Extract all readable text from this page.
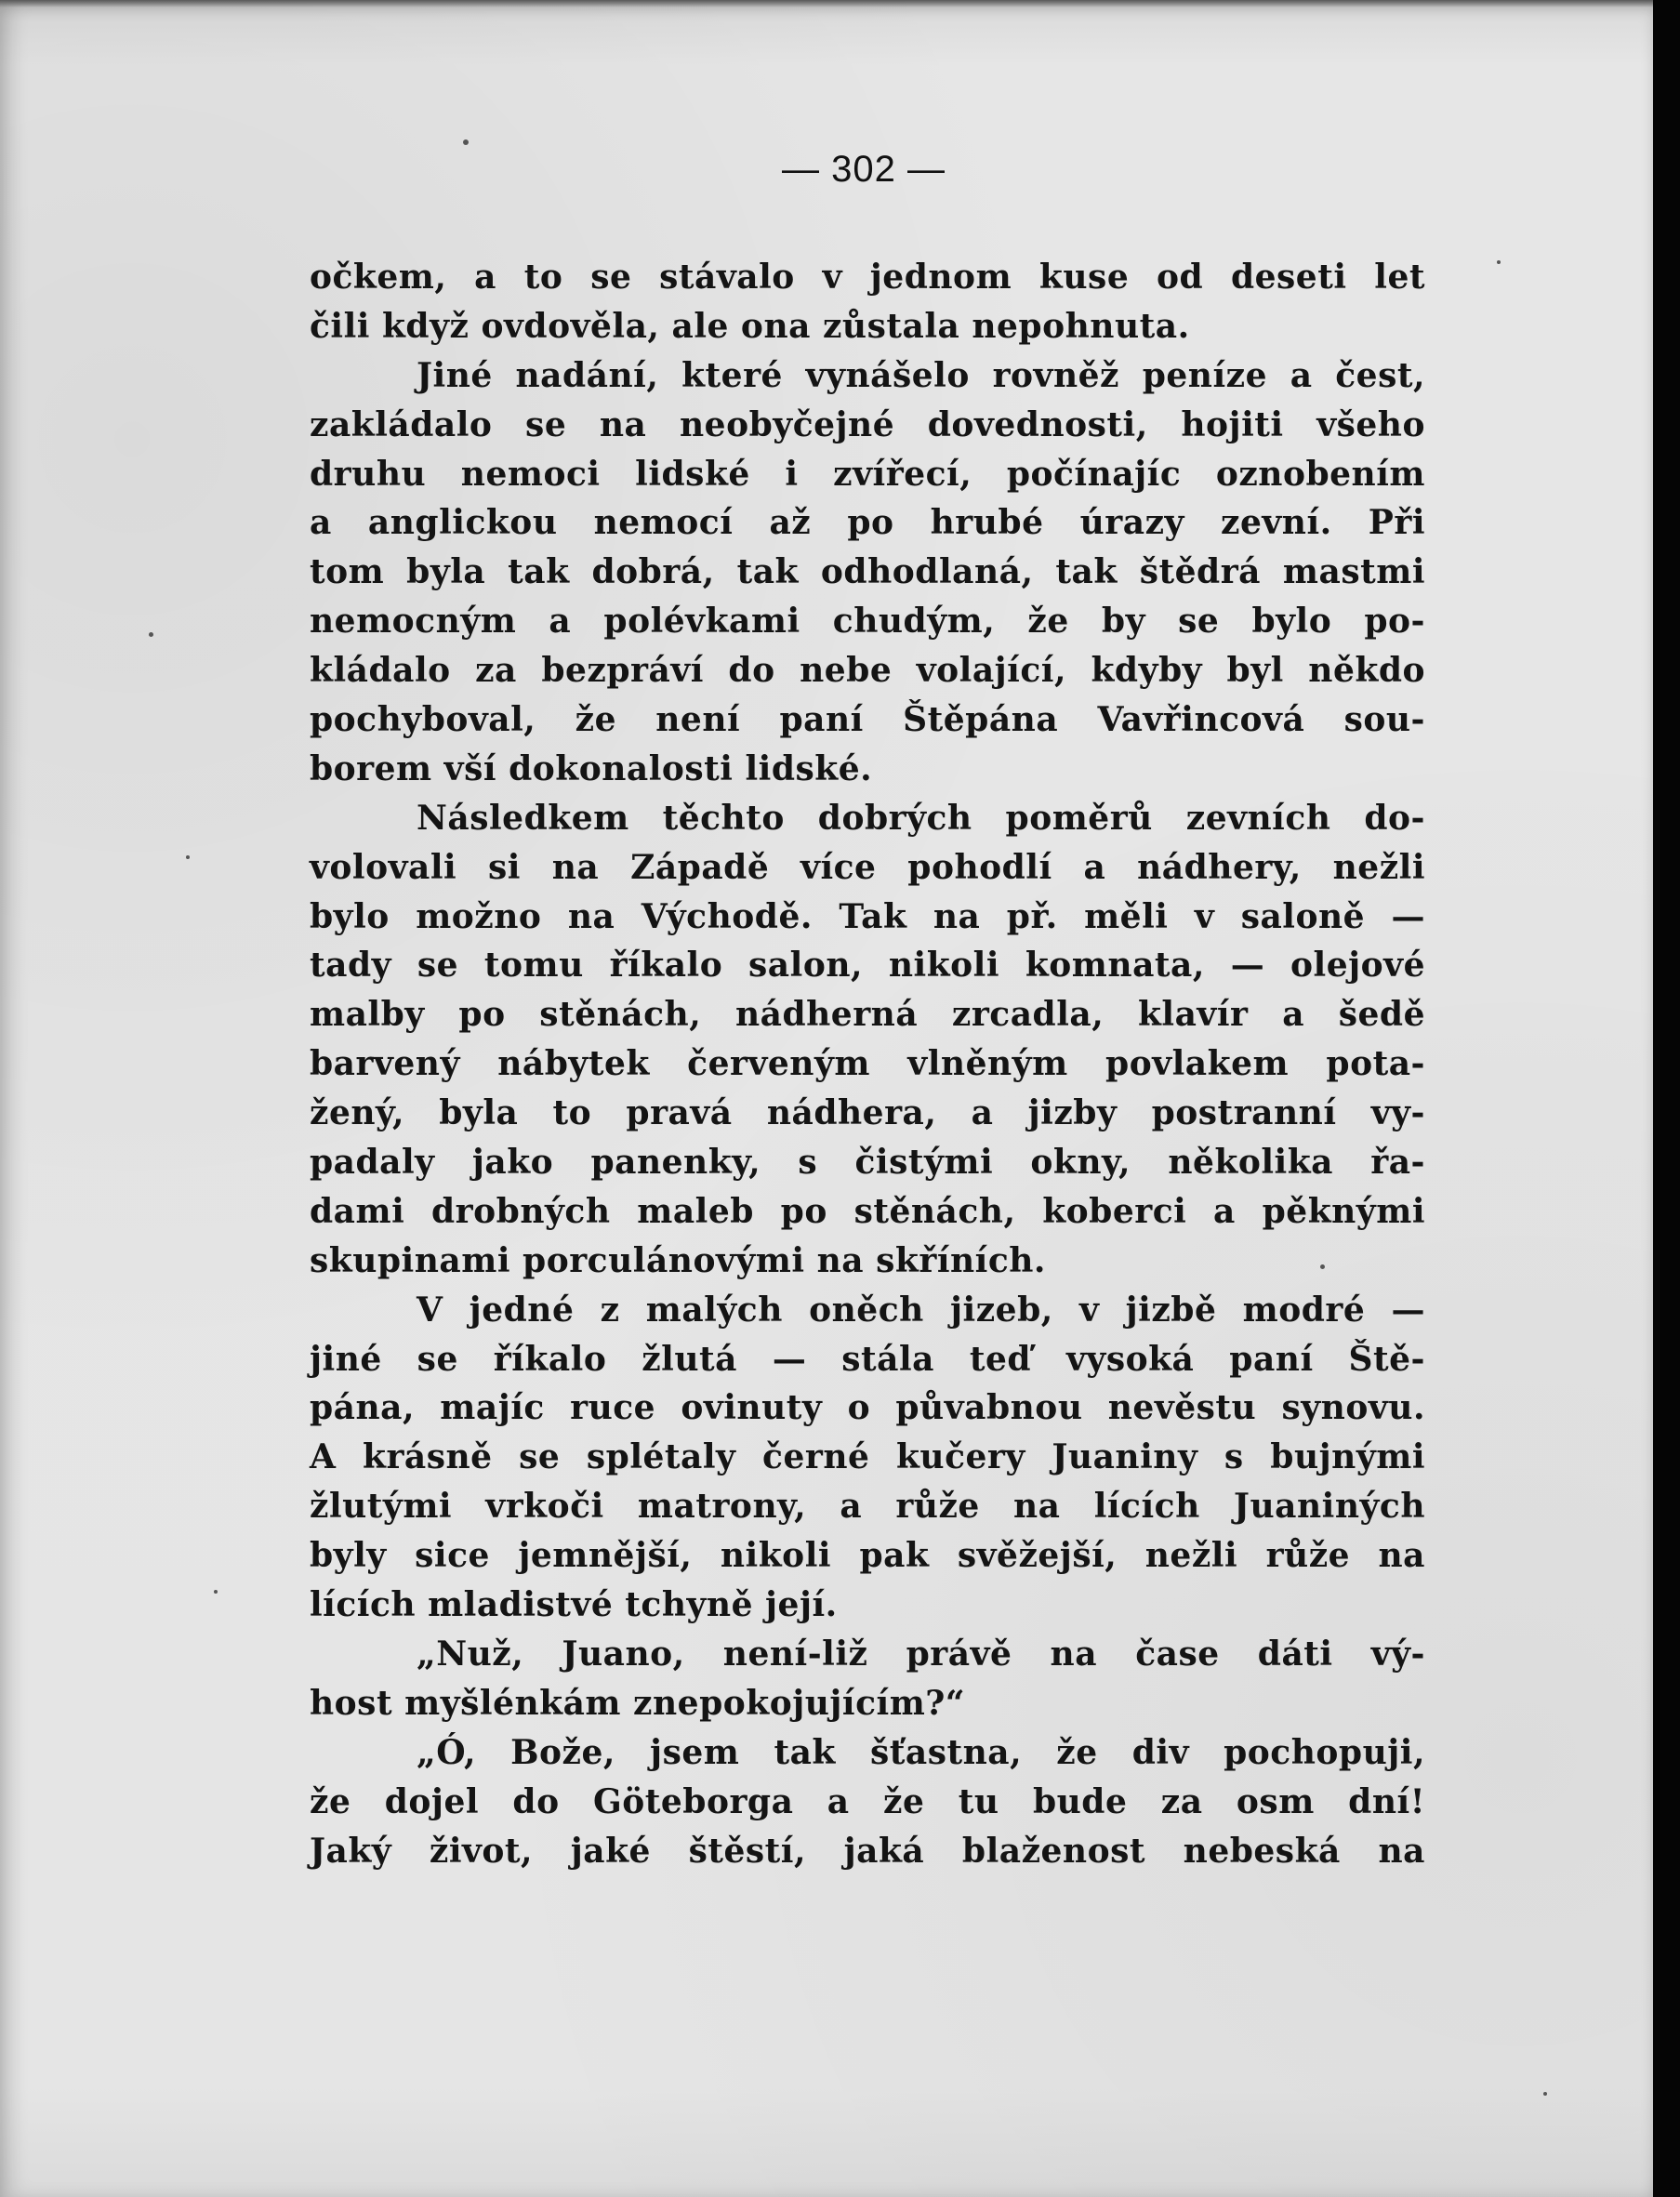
— 302 —
očkem, a to se stávalo v jednom kuse od deseti let
čili když ovdověla, ale ona zůstala nepohnuta.
Jiné nadání, které vynášelo rovněž peníze a čest,
zakládalo se na neobyčejné dovednosti, hojiti všeho
druhu nemoci lidské i zvířecí, počínajíc oznobením
a anglickou nemocí až po hrubé úrazy zevní. Při
tom byla tak dobrá, tak odhodlaná, tak štědrá mastmi
nemocným a polévkami chudým, že by se bylo po-
kládalo za bezpráví do nebe volající, kdyby byl někdo
pochyboval, že není paní Štěpána Vavřincová sou-
borem vší dokonalosti lidské.
Následkem těchto dobrých poměrů zevních do-
volovali si na Západě více pohodlí a nádhery, nežli
bylo možno na Východě. Tak na př. měli v saloně —
tady se tomu říkalo salon, nikoli komnata, — olejové
malby po stěnách, nádherná zrcadla, klavír a šedě
barvený nábytek červeným vlněným povlakem pota-
žený, byla to pravá nádhera, a jizby postranní vy-
padaly jako panenky, s čistými okny, několika řa-
dami drobných maleb po stěnách, koberci a pěknými
skupinami porculánovými na skříních.
V jedné z malých oněch jizeb, v jizbě modré —
jiné se říkalo žlutá — stála teď vysoká paní Ště-
pána, majíc ruce ovinuty o půvabnou nevěstu synovu.
A krásně se splétaly černé kučery Juaniny s bujnými
žlutými vrkoči matrony, a růže na lících Juaniných
byly sice jemnější, nikoli pak svěžejší, nežli růže na
lících mladistvé tchyně její.
„Nuž, Juano, není-liž právě na čase dáti vý-
host myšlénkám znepokojujícím?“
„Ó, Bože, jsem tak šťastna, že div pochopuji,
že dojel do Göteborga a že tu bude za osm dní!
Jaký život, jaké štěstí, jaká blaženost nebeská na
